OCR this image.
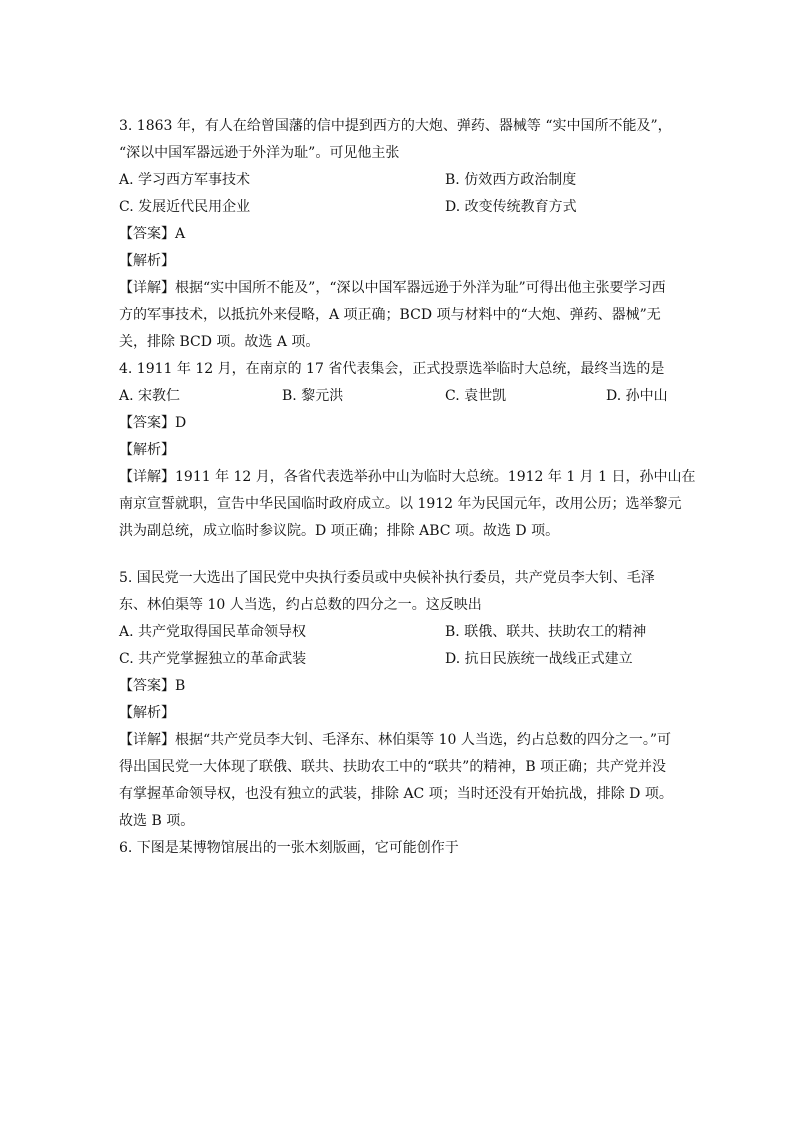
3. 1863 年，有人在给曾国藩的信中提到西方的大炮、弹药、器械等 “实中国所不能及”，
“深以中国军器远逊于外洋为耻”。可见他主张
A. 学习西方军事技术	B. 仿效西方政治制度
C. 发展近代民用企业	D. 改变传统教育方式
【答案】A
【解析】
【详解】根据“实中国所不能及”，“深以中国军器远逊于外洋为耻”可得出他主张要学习西
方的军事技术，以抵抗外来侵略，A 项正确；BCD 项与材料中的“大炮、弹药、器械”无
关，排除 BCD 项。故选 A 项。
4. 1911 年 12 月，在南京的 17 省代表集会，正式投票选举临时大总统，最终当选的是
A. 宋教仁	B. 黎元洪	C. 袁世凯	D. 孙中山
【答案】D
【解析】
【详解】1911 年 12 月，各省代表选举孙中山为临时大总统。1912 年 1 月 1 日，孙中山在
南京宣誓就职，宣告中华民国临时政府成立。以 1912 年为民国元年，改用公历；选举黎元
洪为副总统，成立临时参议院。D 项正确；排除 ABC 项。故选 D 项。
5. 国民党一大选出了国民党中央执行委员或中央候补执行委员，共产党员李大钊、毛泽
东、林伯渠等 10 人当选，约占总数的四分之一。这反映出
A. 共产党取得国民革命领导权	B. 联俄、联共、扶助农工的精神
C. 共产党掌握独立的革命武装	D. 抗日民族统一战线正式建立
【答案】B
【解析】
【详解】根据“共产党员李大钊、毛泽东、林伯渠等 10 人当选，约占总数的四分之一。”可
得出国民党一大体现了联俄、联共、扶助农工中的“联共”的精神，B 项正确；共产党并没
有掌握革命领导权，也没有独立的武装，排除 AC 项；当时还没有开始抗战，排除 D 项。
故选 B 项。
6. 下图是某博物馆展出的一张木刻版画，它可能创作于
